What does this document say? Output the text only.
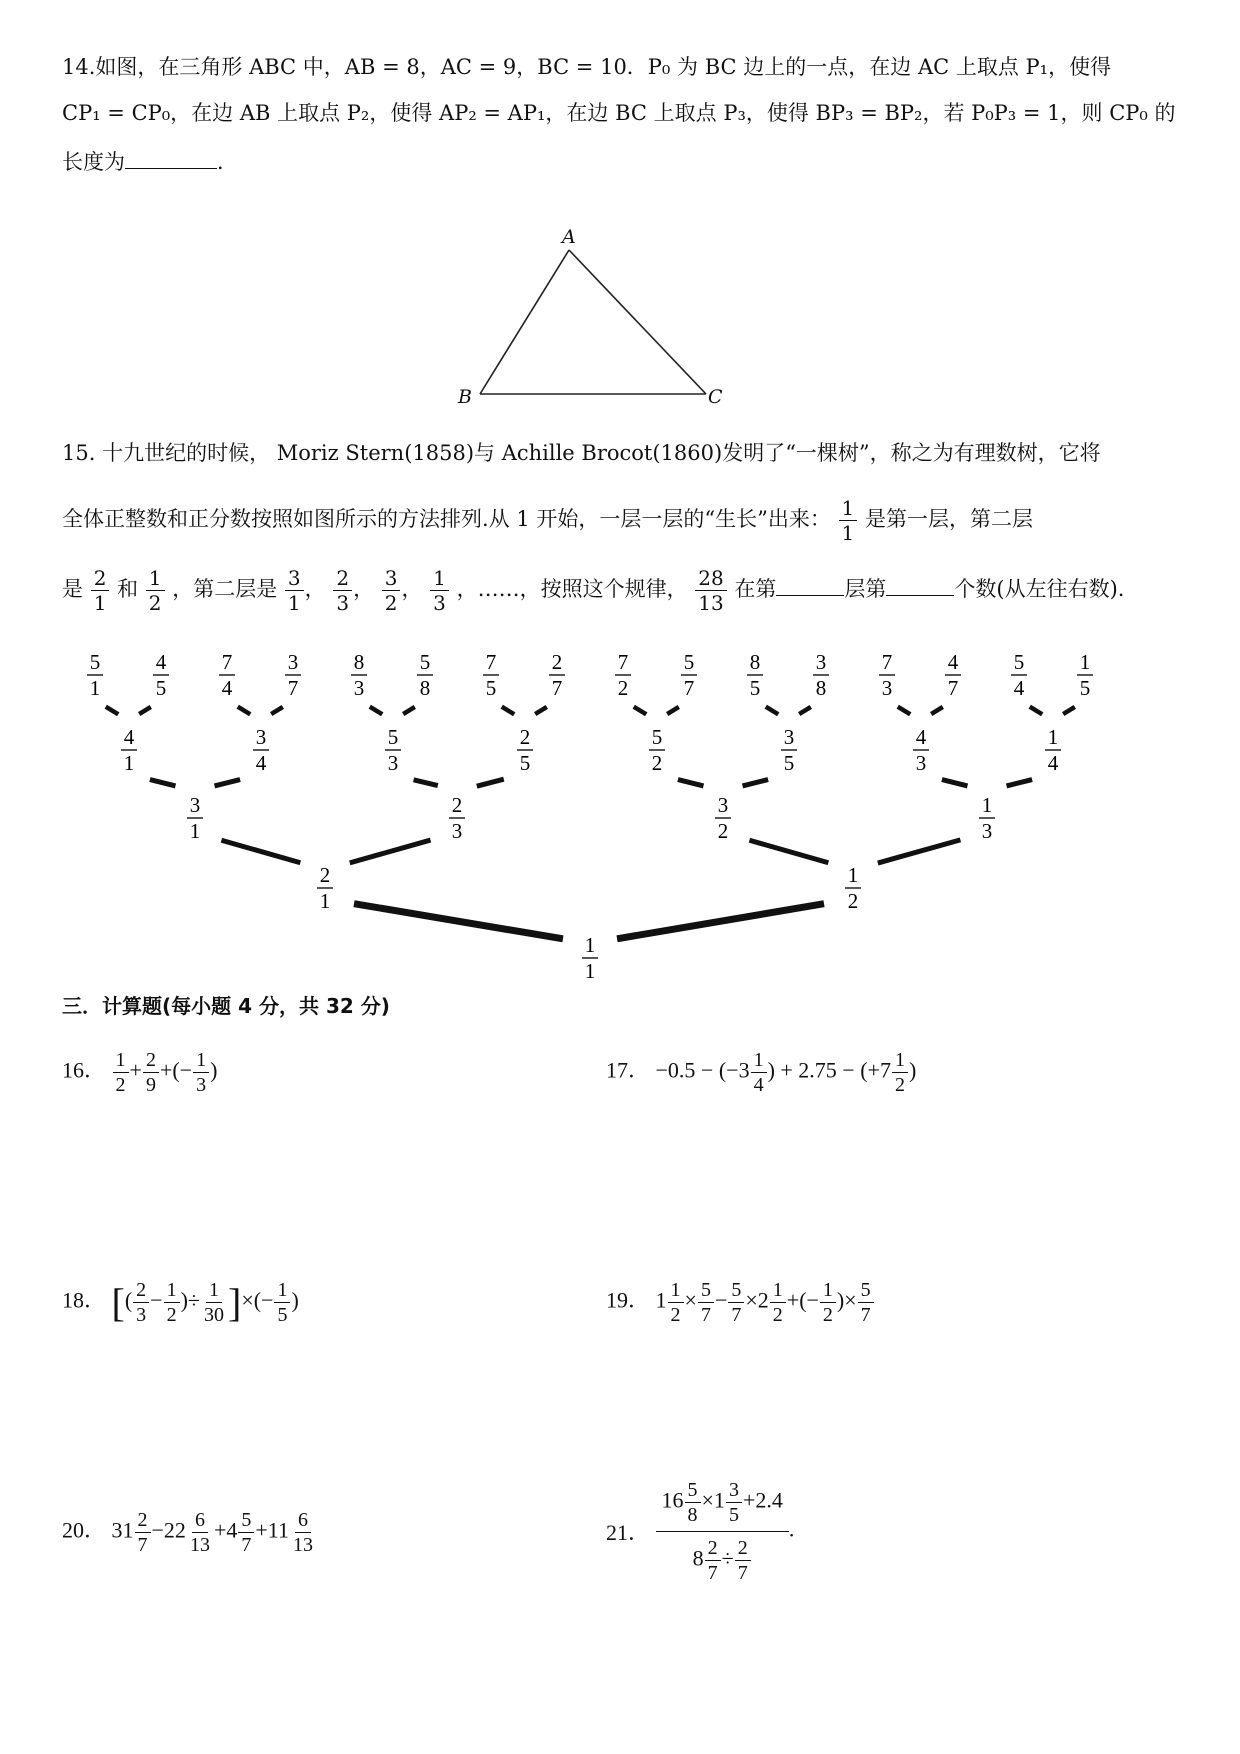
14.如图，在三角形 ABC 中，AB = 8，AC = 9，BC = 10．P₀ 为 BC 边上的一点，在边 AC 上取点 P₁，使得
CP₁ = CP₀，在边 AB 上取点 P₂，使得 AP₂ = AP₁，在边 BC 上取点 P₃，使得 BP₃ = BP₂，若 P₀P₃ = 1，则 CP₀ 的
长度为	．
A
B	C
15. 十九世纪的时候， Moriz Stern(1858)与 Achille Brocot(1860)发明了“一棵树”，称之为有理数树，它将
全体正整数和正分数按照如图所示的方法排列.从 1 开始，一层一层的“生长”出来： $\frac{1}{1}$ 是第一层，第二层
是 $\frac{2}{1}$ 和 $\frac{1}{2}$ ，第二层是 $\frac{3}{1}$ ， $\frac{2}{3}$ ， $\frac{3}{2}$ ， $\frac{1}{3}$ ，……，按照这个规律， $\frac{28}{13}$ 在第	层第	个数(从左往右数).
1
1
2
1
1
2
3
1
2
3
3
2
1
3
4
1
3
4
5
3
2
5
5
2
3
5
4
3
1
4
5
1
4
5
7
4
3
7
8
3
5
8
7
5
2
7
7
2
5
7
8
5
3
8
7
3
4
7
5
4
1
5
三．计算题(每小题 4 分，共 32 分)
16． $\frac{1}{2} + \frac{2}{9}$ +(− $\frac{1}{3}$ )	17． $-0.5 - (-3 \frac{1}{4}$ ) + $2.75 - (+7 \frac{1}{2}$ )
18． [( $\frac{2}{3} - \frac{1}{2}$ )÷ $\frac{1}{30}$ ]×(− $\frac{1}{5}$ )	19． $1 \frac{1}{2} \times \frac{5}{7} - \frac{5}{7} \times 2 \frac{1}{2}$ +(− $\frac{1}{2}$ )× $\frac{5}{7}$
20． $31 \frac{2}{7} -22 \frac{6}{13} +4 \frac{5}{7} +11 \frac{6}{13}$	21． $\frac{16 \frac{5}{8} \times 1 \frac{3}{5} +2.4}{8 \frac{2}{7} \div \frac{2}{7}}$ .
